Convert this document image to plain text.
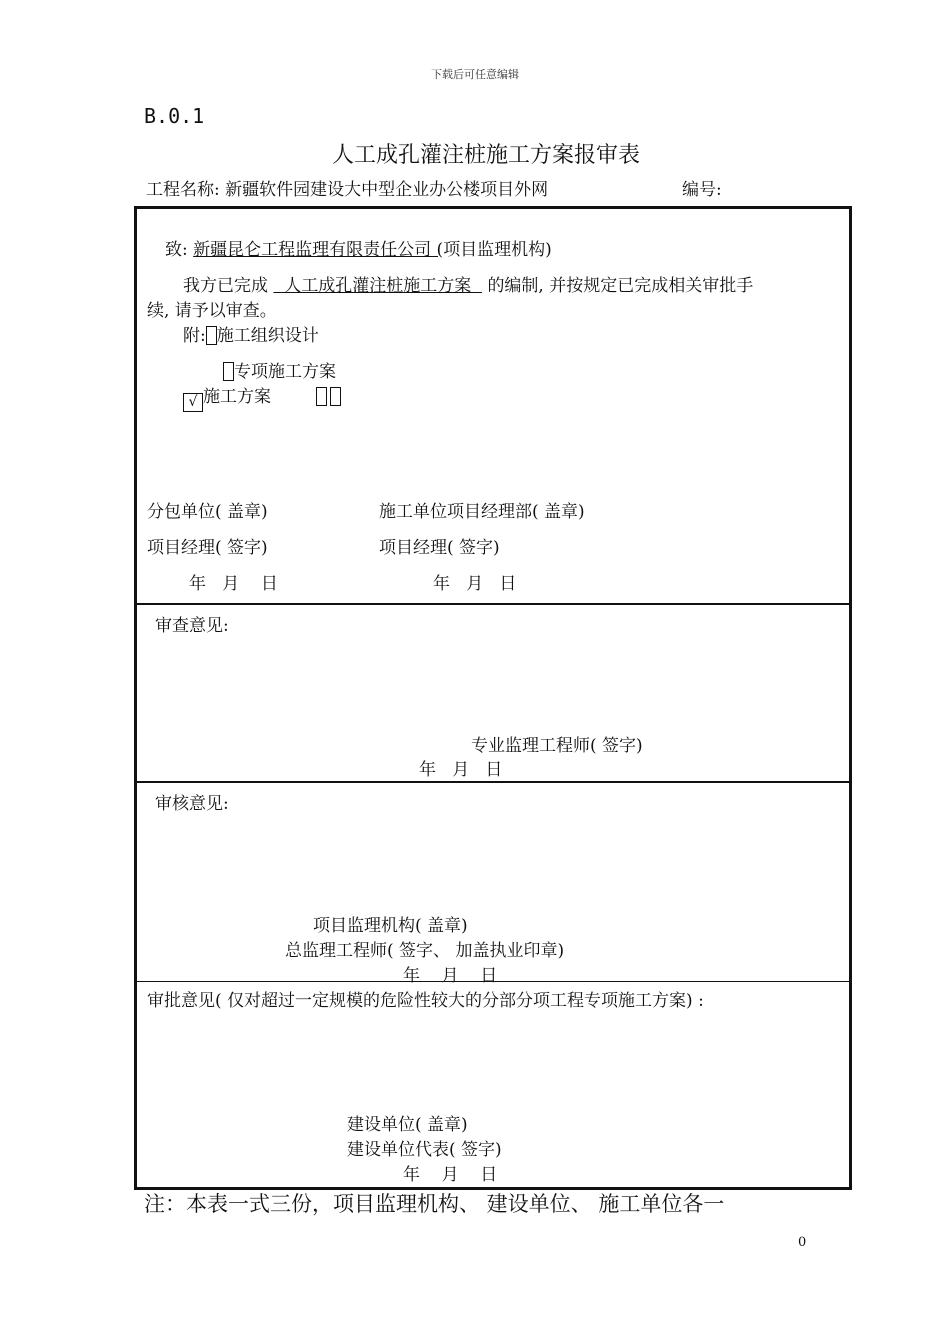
下载后可任意编辑
B.0.1
人工成孔灌注桩施工方案报审表
工程名称: 新疆软件园建设大中型企业办公楼项目外网	编号:
致: 新疆昆仑工程监理有限责任公司 (项目监理机构)
我方已完成   人工成孔灌注桩施工方案   的编制, 并按规定已完成相关审批手
续, 请予以审查。
附: 施工组织设计
专项施工方案
√ 施工方案
分包单位( 盖章)	施工单位项目经理部( 盖章)
项目经理( 签字)	项目经理( 签字)
年   月    日	年   月   日
审查意见:
专业监理工程师( 签字)
年   月   日
审核意见:
项目监理机构( 盖章)
总监理工程师( 签字、 加盖执业印章)
年    月    日
审批意见( 仅对超过一定规模的危险性较大的分部分项工程专项施工方案) :
建设单位( 盖章)
建设单位代表( 签字)
年    月    日
注：本表一式三份，项目监理机构、 建设单位、 施工单位各一
0
